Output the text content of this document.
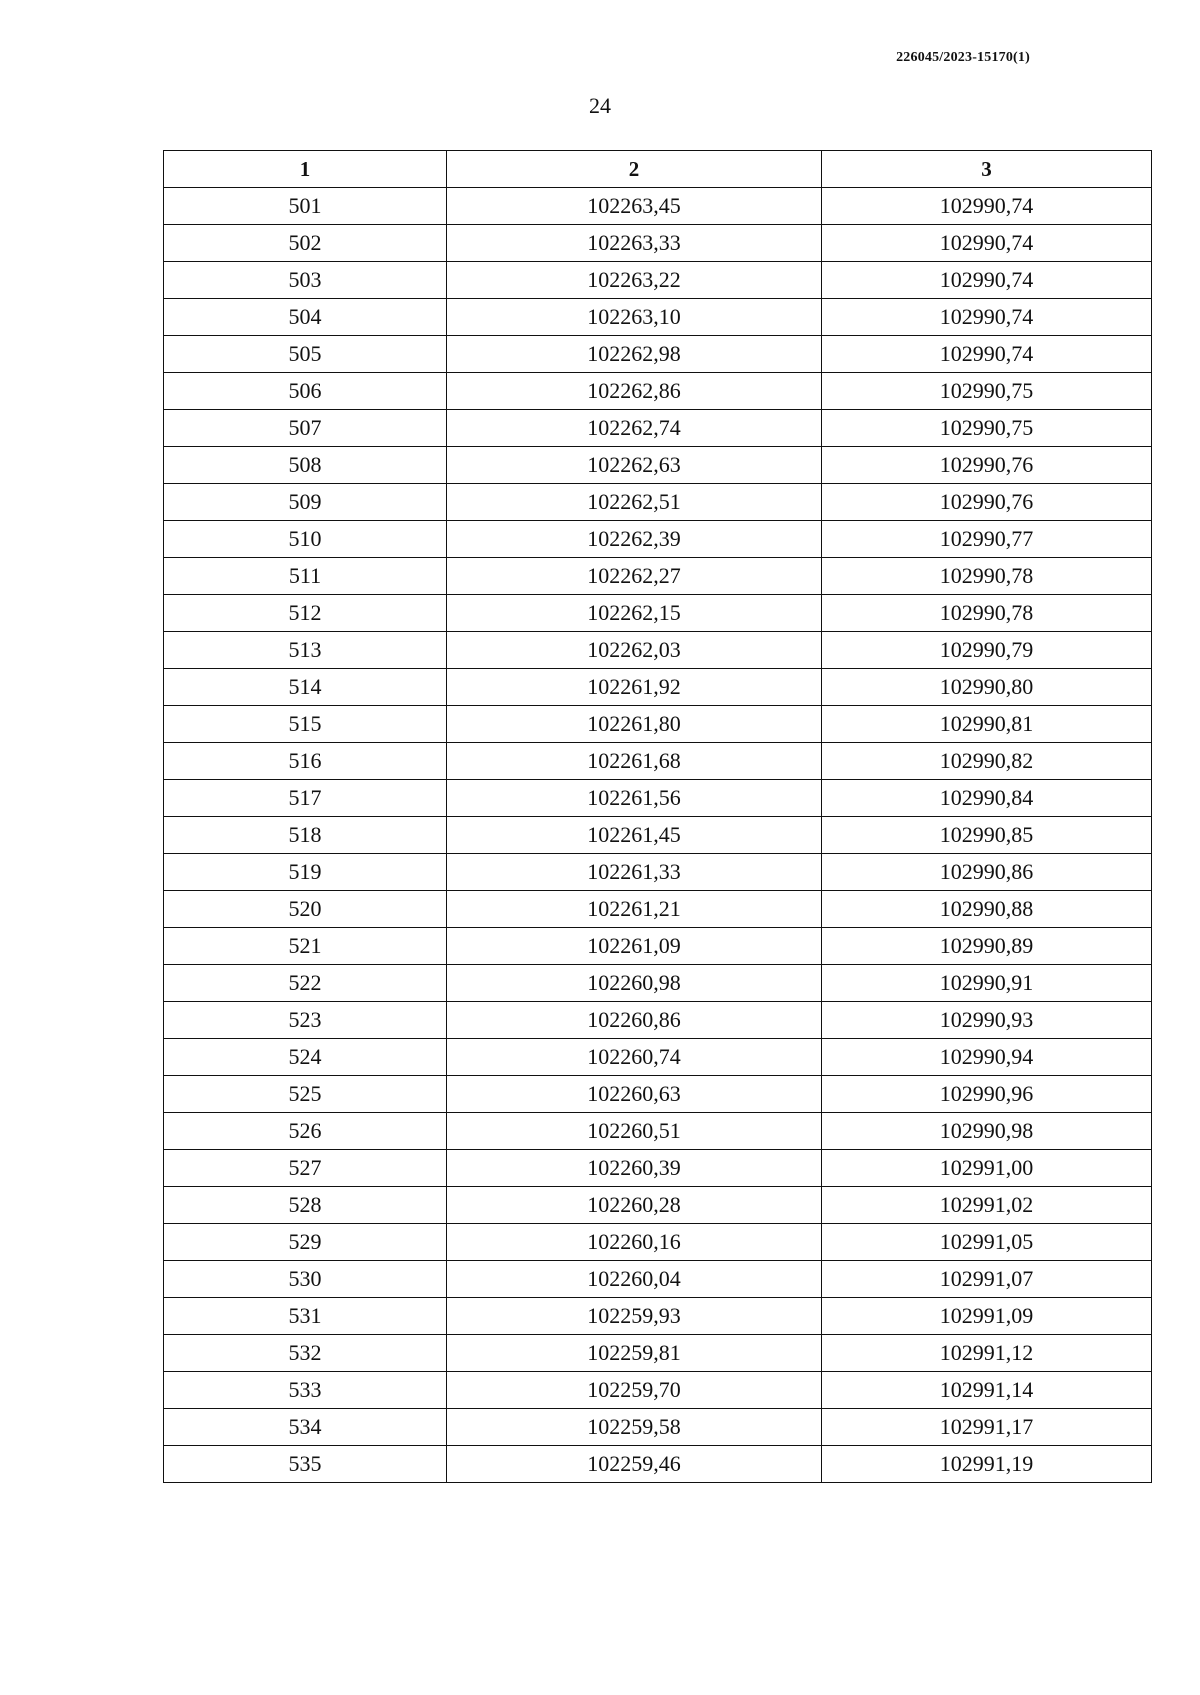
226045/2023-15170(1)
24
1	2	3
501	102263,45	102990,74
502	102263,33	102990,74
503	102263,22	102990,74
504	102263,10	102990,74
505	102262,98	102990,74
506	102262,86	102990,75
507	102262,74	102990,75
508	102262,63	102990,76
509	102262,51	102990,76
510	102262,39	102990,77
511	102262,27	102990,78
512	102262,15	102990,78
513	102262,03	102990,79
514	102261,92	102990,80
515	102261,80	102990,81
516	102261,68	102990,82
517	102261,56	102990,84
518	102261,45	102990,85
519	102261,33	102990,86
520	102261,21	102990,88
521	102261,09	102990,89
522	102260,98	102990,91
523	102260,86	102990,93
524	102260,74	102990,94
525	102260,63	102990,96
526	102260,51	102990,98
527	102260,39	102991,00
528	102260,28	102991,02
529	102260,16	102991,05
530	102260,04	102991,07
531	102259,93	102991,09
532	102259,81	102991,12
533	102259,70	102991,14
534	102259,58	102991,17
535	102259,46	102991,19
